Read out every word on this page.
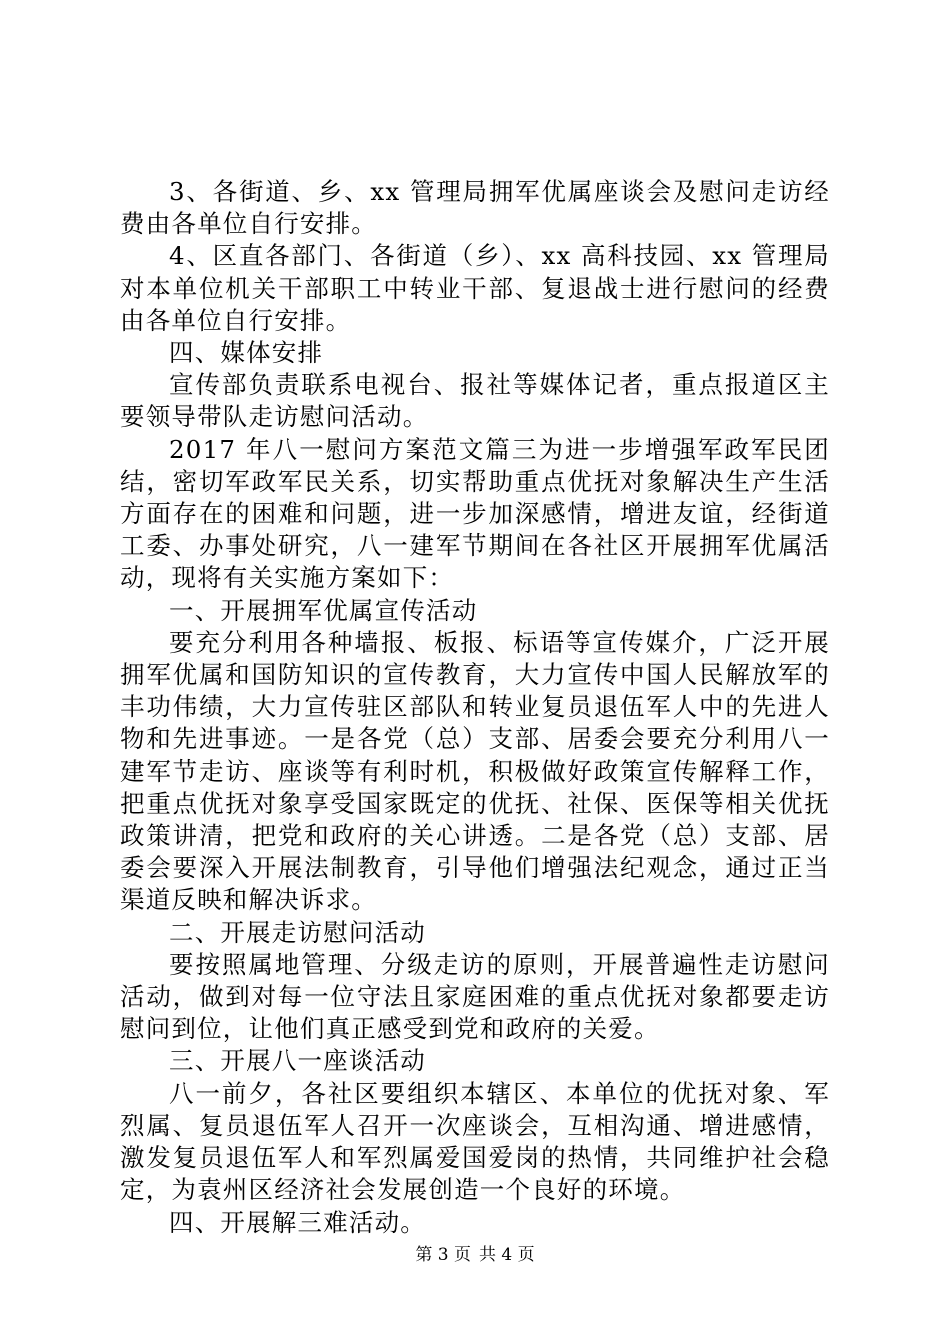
3、各街道、乡、xx 管理局拥军优属座谈会及慰问走访经费由各单位自行安排。

4、区直各部门、各街道（乡）、xx 高科技园、xx 管理局对本单位机关干部职工中转业干部、复退战士进行慰问的经费由各单位自行安排。

四、媒体安排

宣传部负责联系电视台、报社等媒体记者，重点报道区主要领导带队走访慰问活动。

2017 年八一慰问方案范文篇三为进一步增强军政军民团结，密切军政军民关系，切实帮助重点优抚对象解决生产生活方面存在的困难和问题，进一步加深感情，增进友谊，经街道工委、办事处研究，八一建军节期间在各社区开展拥军优属活动，现将有关实施方案如下：

一、开展拥军优属宣传活动

要充分利用各种墙报、板报、标语等宣传媒介，广泛开展拥军优属和国防知识的宣传教育，大力宣传中国人民解放军的丰功伟绩，大力宣传驻区部队和转业复员退伍军人中的先进人物和先进事迹。一是各党（总）支部、居委会要充分利用八一建军节走访、座谈等有利时机，积极做好政策宣传解释工作，把重点优抚对象享受国家既定的优抚、社保、医保等相关优抚政策讲清，把党和政府的关心讲透。二是各党（总）支部、居委会要深入开展法制教育，引导他们增强法纪观念，通过正当渠道反映和解决诉求。

二、开展走访慰问活动

要按照属地管理、分级走访的原则，开展普遍性走访慰问活动，做到对每一位守法且家庭困难的重点优抚对象都要走访慰问到位，让他们真正感受到党和政府的关爱。

三、开展八一座谈活动

八一前夕，各社区要组织本辖区、本单位的优抚对象、军烈属、复员退伍军人召开一次座谈会，互相沟通、增进感情，激发复员退伍军人和军烈属爱国爱岗的热情，共同维护社会稳定，为袁州区经济社会发展创造一个良好的环境。

四、开展解三难活动。

第 3 页 共 4 页
